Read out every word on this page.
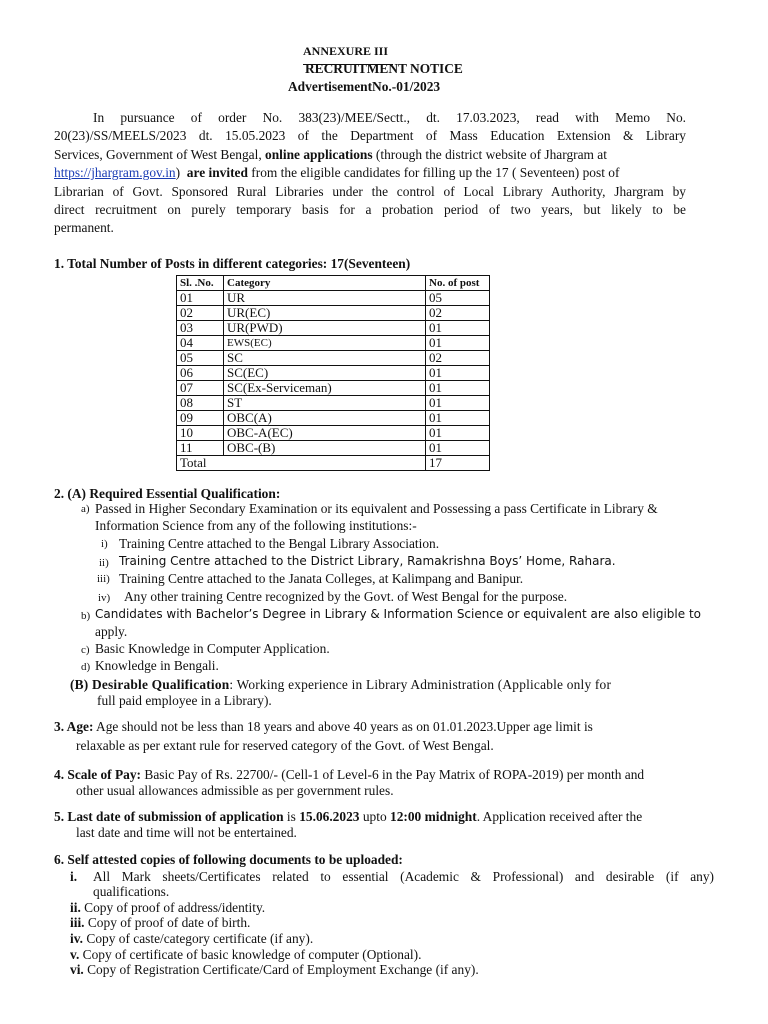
ANNEXURE III
RECRUITMENT NOTICE
AdvertisementNo.-01/2023
In pursuance of order No. 383(23)/MEE/Sectt., dt. 17.03.2023, read with Memo No.
20(23)/SS/MEELS/2023 dt. 15.05.2023 of the Department of Mass Education Extension & Library
Services, Government of West Bengal, online applications (through the district website of Jhargram at
https://jhargram.gov.in)  are invited from the eligible candidates for filling up the 17 ( Seventeen) post of
Librarian of Govt. Sponsored Rural Libraries under the control of Local Library Authority, Jhargram by
direct recruitment on purely temporary basis for a probation period of two years, but likely to be
permanent.
1. Total Number of Posts in different categories: 17(Seventeen)
Sl. .No.	Category	No. of post
01	UR	05
02	UR(EC)	02
03	UR(PWD)	01
04	EWS(EC)	01
05	SC	02
06	SC(EC)	01
07	SC(Ex-Serviceman)	01
08	ST	01
09	OBC(A)	01
10	OBC-A(EC)	01
11	OBC-(B)	01
Total		17
2. (A) Required Essential Qualification:
a) Passed in Higher Secondary Examination or its equivalent and Possessing a pass Certificate in Library &
Information Science from any of the following institutions:-
i) Training Centre attached to the Bengal Library Association.
ii) Training Centre attached to the District Library, Ramakrishna Boys’ Home, Rahara.
iii) Training Centre attached to the Janata Colleges, at Kalimpang and Banipur.
iv) Any other training Centre recognized by the Govt. of West Bengal for the purpose.
b) Candidates with Bachelor’s Degree in Library & Information Science or equivalent are also eligible to
apply.
c) Basic Knowledge in Computer Application.
d) Knowledge in Bengali.
(B) Desirable Qualification: Working experience in Library Administration (Applicable only for
full paid employee in a Library).
3. Age: Age should not be less than 18 years and above 40 years as on 01.01.2023.Upper age limit is
relaxable as per extant rule for reserved category of the Govt. of West Bengal.
4. Scale of Pay: Basic Pay of Rs. 22700/- (Cell-1 of Level-6 in the Pay Matrix of ROPA-2019) per month and
other usual allowances admissible as per government rules.
5. Last date of submission of application is 15.06.2023 upto 12:00 midnight. Application received after the
last date and time will not be entertained.
6. Self attested copies of following documents to be uploaded:
i. All Mark sheets/Certificates related to essential (Academic & Professional) and desirable (if any)
qualifications.
ii. Copy of proof of address/identity.
iii. Copy of proof of date of birth.
iv. Copy of caste/category certificate (if any).
v. Copy of certificate of basic knowledge of computer (Optional).
vi. Copy of Registration Certificate/Card of Employment Exchange (if any).
